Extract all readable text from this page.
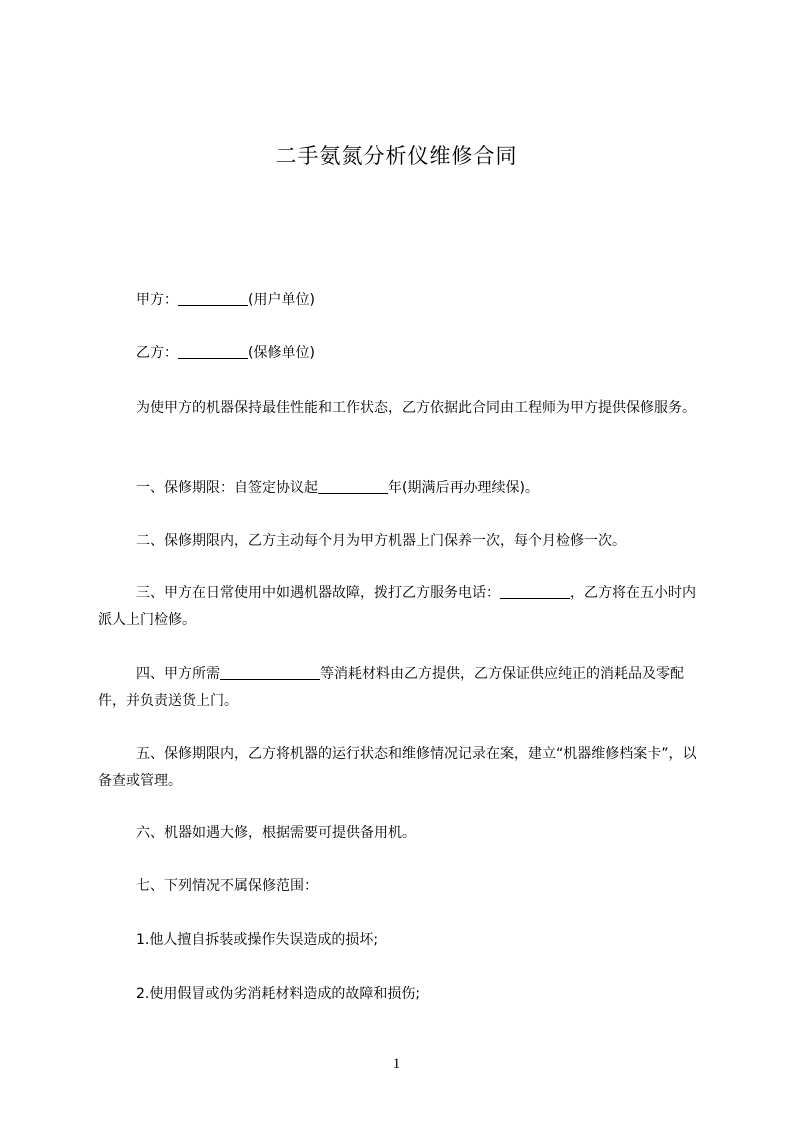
二手氨氮分析仪维修合同

甲方：	(用户单位)

乙方：	(保修单位)

为使甲方的机器保持最佳性能和工作状态，乙方依据此合同由工程师为甲方提供保修服务。

一、保修期限：自签定协议起	年(期满后再办理续保)。

二、保修期限内，乙方主动每个月为甲方机器上门保养一次，每个月检修一次。

三、甲方在日常使用中如遇机器故障，拨打乙方服务电话：	，乙方将在五小时内派人上门检修。

四、甲方所需	等消耗材料由乙方提供，乙方保证供应纯正的消耗品及零配件，并负责送货上门。

五、保修期限内，乙方将机器的运行状态和维修情况记录在案，建立“机器维修档案卡”，以备查或管理。

六、机器如遇大修，根据需要可提供备用机。

七、下列情况不属保修范围：

1.他人擅自拆装或操作失误造成的损坏;

2.使用假冒或伪劣消耗材料造成的故障和损伤;

1
